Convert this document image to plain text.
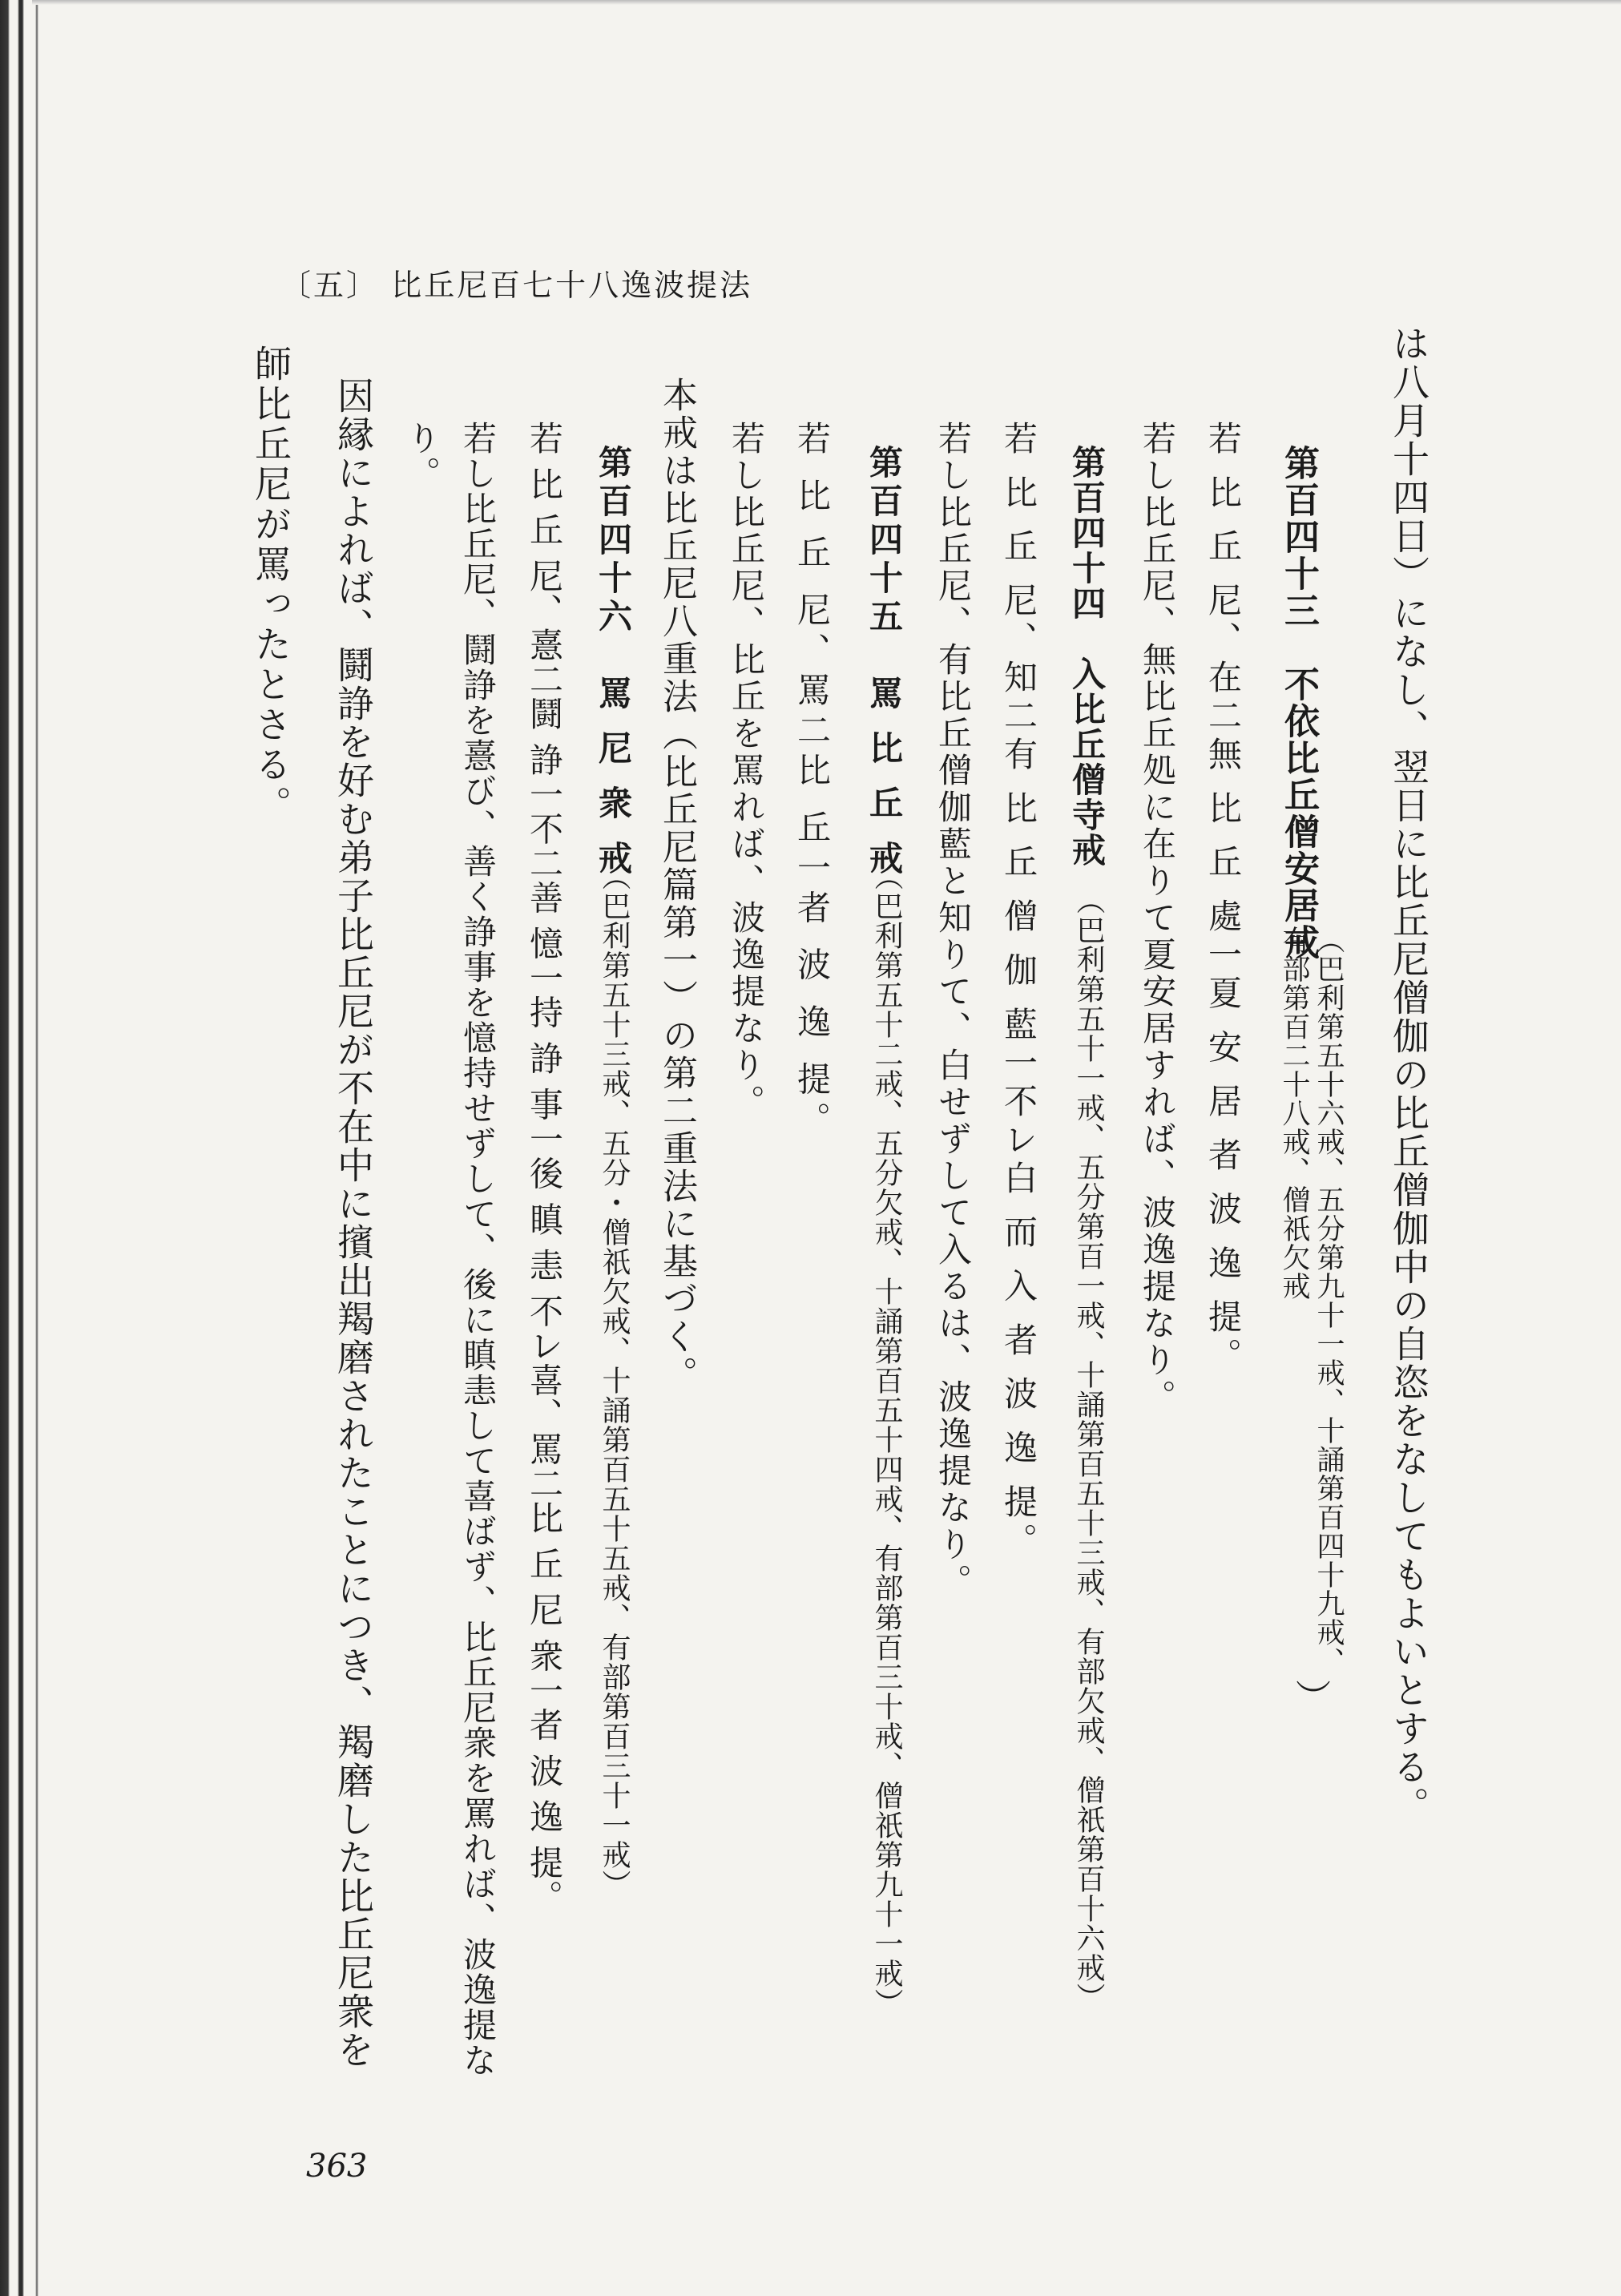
〔五〕 比丘尼百七十八逸波提法
は八月十四日）になし、翌日に比丘尼僧伽の比丘僧伽中の自恣をなしてもよいとする。
第百四十三　不依比丘僧安居戒
（巴利第五十六戒、五分第九十一戒、十誦第百四十九戒、
有部第百二十八戒、僧祇欠戒
）
若 比 丘 尼、在二無 比 丘 處一夏 安 居 者 波 逸 提。
若し比丘尼、無比丘処に在りて夏安居すれば、波逸提なり。
第百四十四　入比丘僧寺戒
（巴利第五十一戒、五分第百一戒、十誦第百五十三戒、有部欠戒、僧祇第百十六戒）
若 比 丘 尼、知二有 比 丘 僧 伽 藍一不レ白 而 入 者 波 逸 提。
若し比丘尼、有比丘僧伽藍と知りて、白せずして入るは、波逸提なり。
第百四十五　罵 比 丘 戒
（巴利第五十二戒、五分欠戒、十誦第百五十四戒、有部第百三十戒、僧祇第九十一戒）
若 比 丘 尼、罵二比 丘一者 波 逸 提。
若し比丘尼、比丘を罵れば、波逸提なり。
本戒は比丘尼八重法（比丘尼篇第一）の第二重法に基づく。
第百四十六　罵 尼 衆 戒
（巴利第五十三戒、五分・僧祇欠戒、十誦第百五十五戒、有部第百三十一戒）
若 比 丘 尼、憙二鬪 諍一不二善 憶一持 諍 事一後 瞋 恚 不レ喜、罵二比 丘 尼 衆一者 波 逸 提。
若し比丘尼、鬪諍を憙び、善く諍事を憶持せずして、後に瞋恚して喜ばず、比丘尼衆を罵れば、波逸提な
り。
因縁によれば、鬪諍を好む弟子比丘尼が不在中に擯出羯磨されたことにつき、羯磨した比丘尼衆を
師比丘尼が罵ったとさる。
363
